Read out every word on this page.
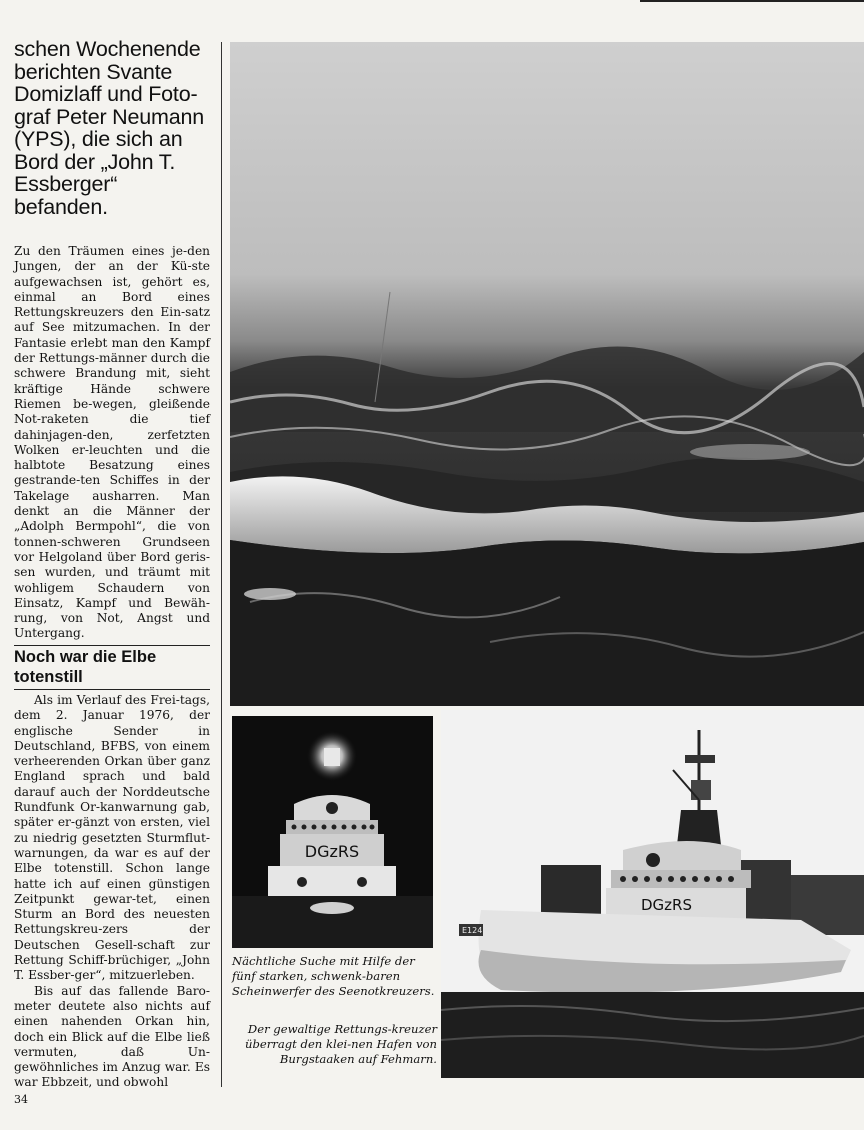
schen Wochenende berichten Svante Domizlaff und Foto-graf Peter Neumann (YPS), die sich an Bord der „John T. Essberger“ befanden.

Zu den Träumen eines je-den Jungen, der an der Kü-ste aufgewachsen ist, gehört es, einmal an Bord eines Rettungskreuzers den Ein-satz auf See mitzumachen. In der Fantasie erlebt man den Kampf der Rettungs-männer durch die schwere Brandung mit, sieht kräftige Hände schwere Riemen be-wegen, gleißende Not-raketen die tief dahinjagen-den, zerfetzten Wolken er-leuchten und die halbtote Besatzung eines gestrande-ten Schiffes in der Takelage ausharren. Man denkt an die Männer der „Adolph Bermpohl“, die von tonnen-schweren Grundseen vor Helgoland über Bord geris-sen wurden, und träumt mit wohligem Schaudern von Einsatz, Kampf und Bewäh-rung, von Not, Angst und Untergang.

Noch war die Elbe totenstill

Als im Verlauf des Frei-tags, dem 2. Januar 1976, der englische Sender in Deutschland, BFBS, von einem verheerenden Orkan über ganz England sprach und bald darauf auch der Norddeutsche Rundfunk Or-kanwarnung gab, später er-gänzt von ersten, viel zu niedrig gesetzten Sturmflut-warnungen, da war es auf der Elbe totenstill. Schon lange hatte ich auf einen günstigen Zeitpunkt gewar-tet, einen Sturm an Bord des neuesten Rettungskreu-zers der Deutschen Gesell-schaft zur Rettung Schiff-brüchiger, „John T. Essber-ger“, mitzuerleben.

Bis auf das fallende Baro-meter deutete also nichts auf einen nahenden Orkan hin, doch ein Blick auf die Elbe ließ vermuten, daß Un-gewöhnliches im Anzug war. Es war Ebbzeit, und obwohl

34
DGzRS
DGzRS
E124

Nächtliche Suche mit Hilfe der fünf starken, schwenk-baren Scheinwerfer des Seenotkreuzers.

Der gewaltige Rettungs-kreuzer überragt den klei-nen Hafen von Burgstaaken auf Fehmarn.
